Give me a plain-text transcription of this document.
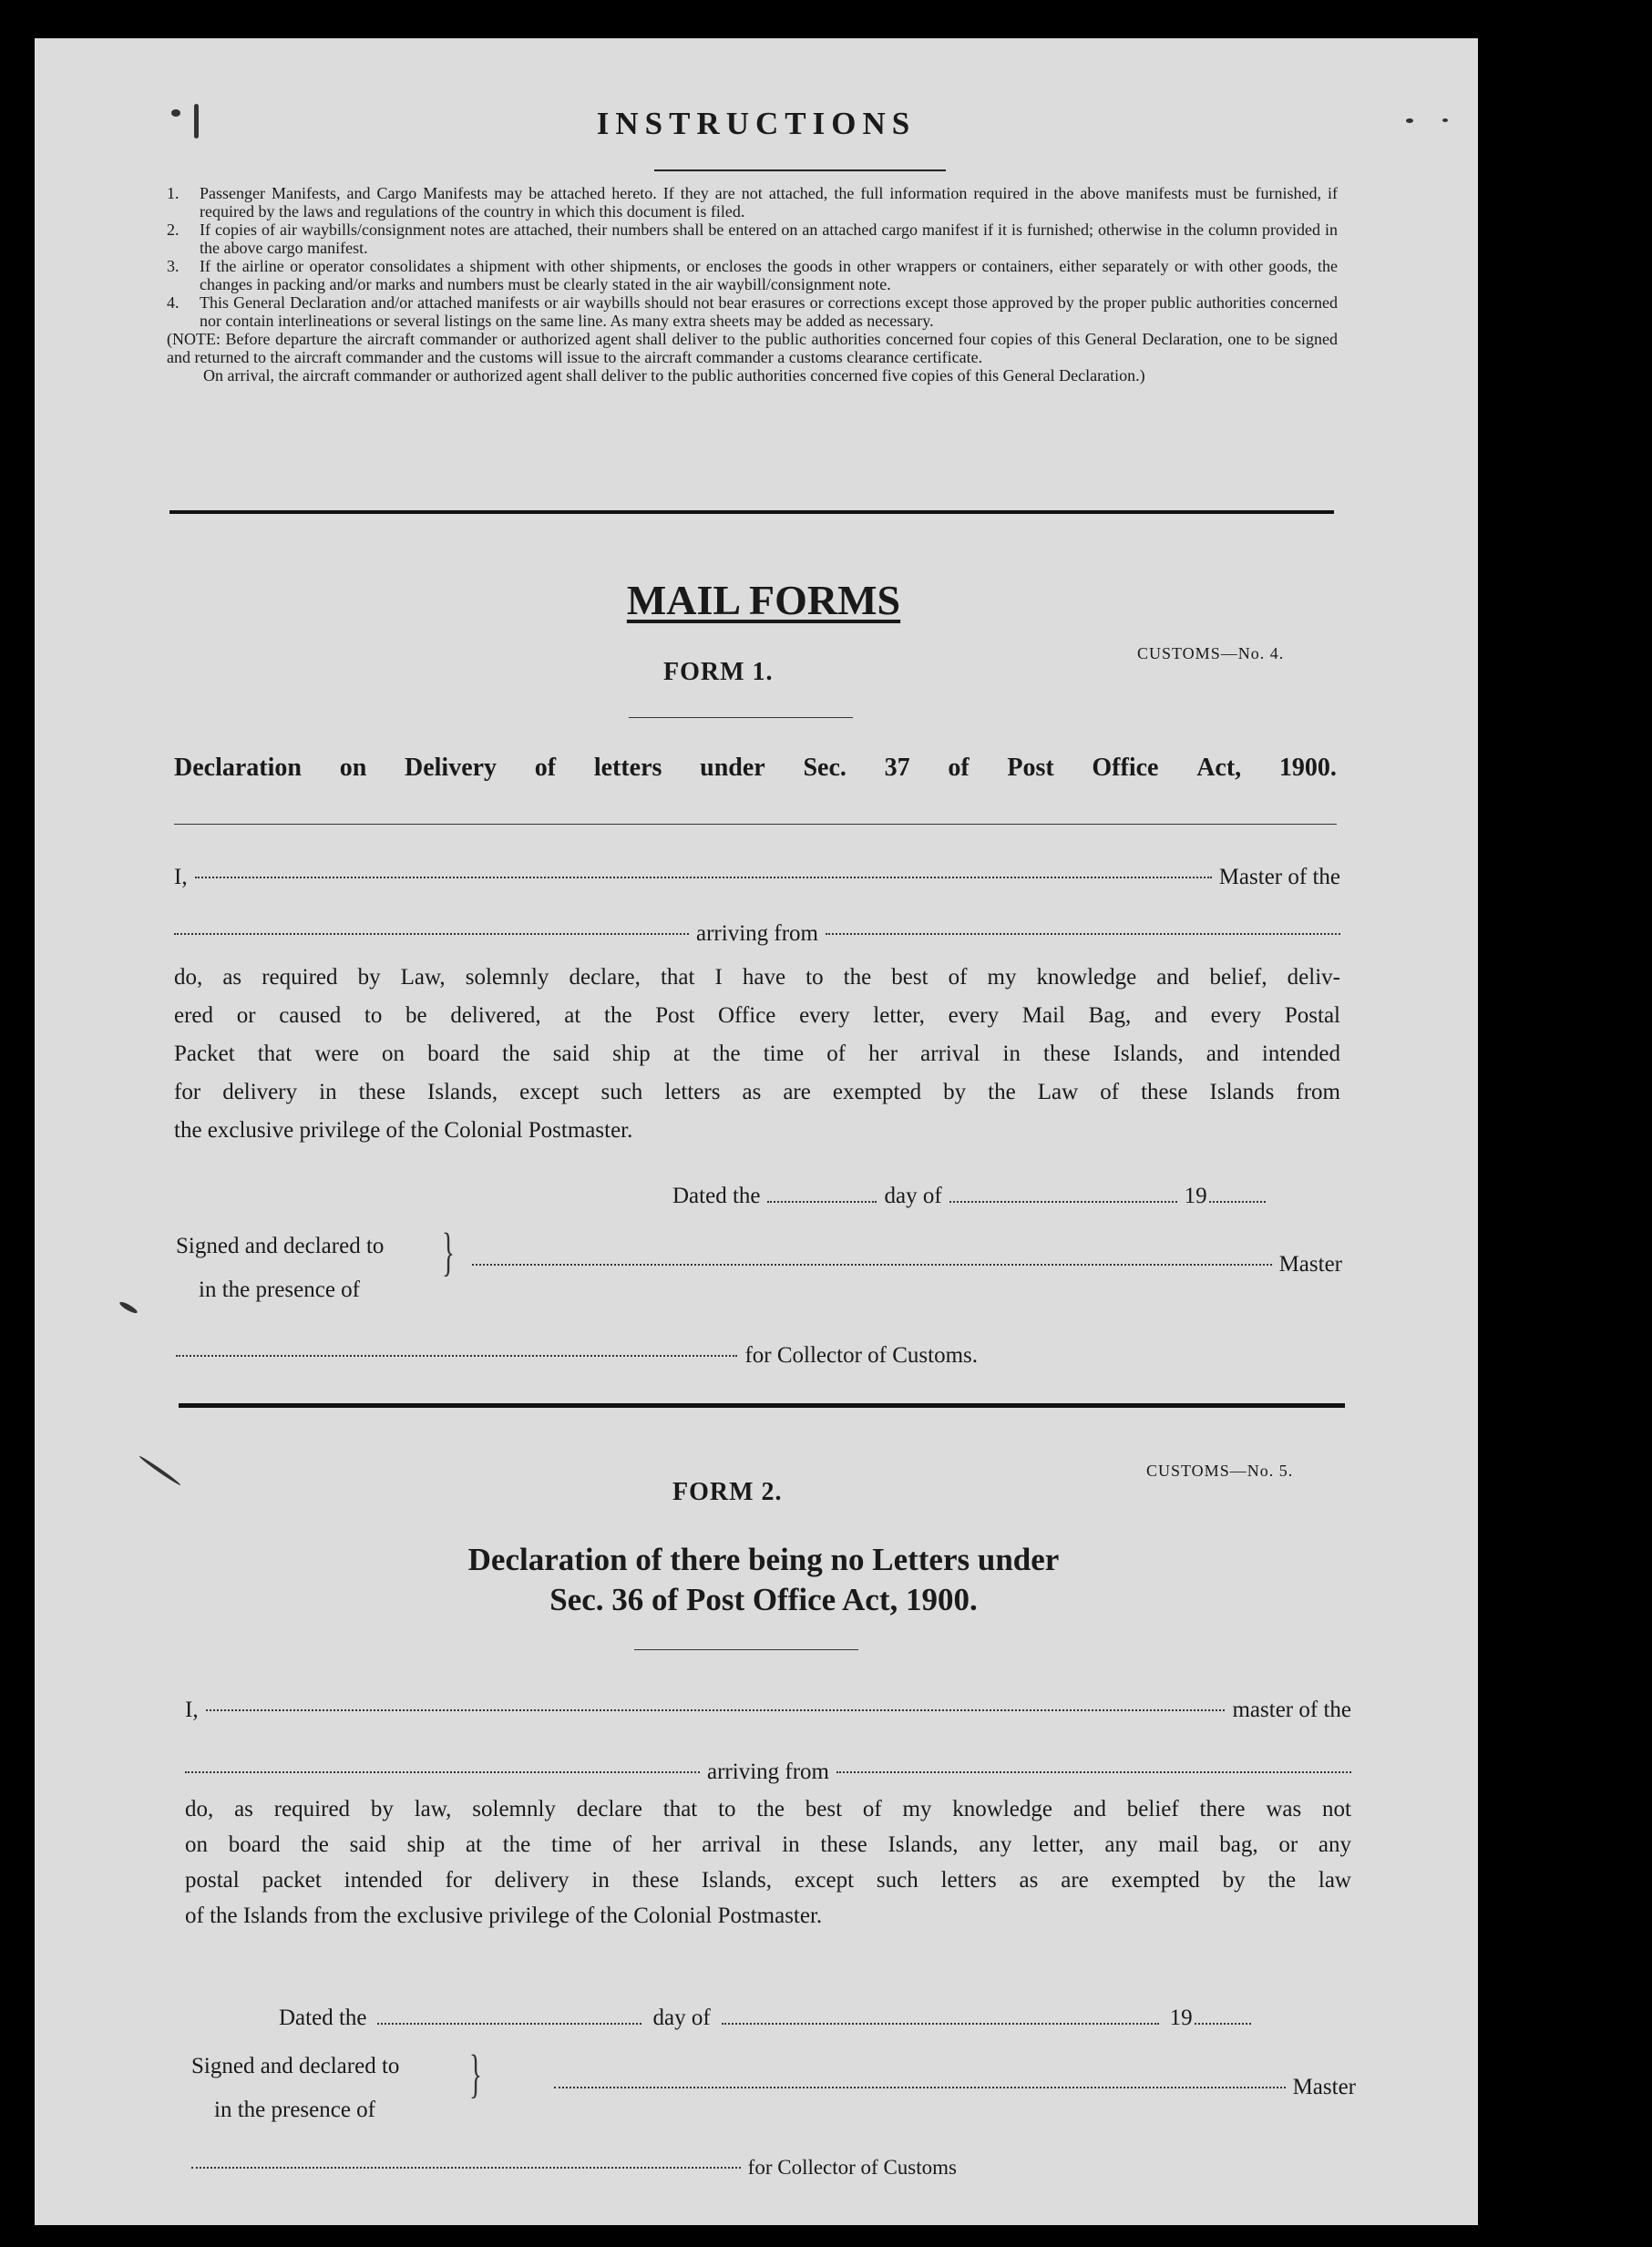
INSTRUCTIONS
1.	Passenger Manifests, and Cargo Manifests may be attached hereto. If they are not attached, the full information required in the above manifests must be furnished, if required by the laws and regulations of the country in which this document is filed.
2.	If copies of air waybills/consignment notes are attached, their numbers shall be entered on an attached cargo manifest if it is furnished; otherwise in the column provided in the above cargo manifest.
3.	If the airline or operator consolidates a shipment with other shipments, or encloses the goods in other wrappers or containers, either separately or with other goods, the changes in packing and/or marks and numbers must be clearly stated in the air waybill/consignment note.
4.	This General Declaration and/or attached manifests or air waybills should not bear erasures or corrections except those approved by the proper public authorities concerned nor contain interlineations or several listings on the same line. As many extra sheets may be added as necessary.
(NOTE: Before departure the aircraft commander or authorized agent shall deliver to the public authorities concerned four copies of this General Declaration, one to be signed and returned to the aircraft commander and the customs will issue to the aircraft commander a customs clearance certificate.
On arrival, the aircraft commander or authorized agent shall deliver to the public authorities concerned five copies of this General Declaration.)
MAIL FORMS
CUSTOMS—No. 4.
FORM 1.
Declaration on Delivery of letters under Sec. 37 of Post Office Act, 1900.
I,	Master of the
arriving from
do, as required by Law, solemnly declare, that I have to the best of my knowledge and belief, deliv-
ered or caused to be delivered, at the Post Office every letter, every Mail Bag, and every Postal
Packet that were on board the said ship at the time of her arrival in these Islands, and intended
for delivery in these Islands, except such letters as are exempted by the Law of these Islands from
the exclusive privilege of the Colonial Postmaster.
Dated the	day of	19
Signed and declared to
in the presence of
}	Master
for Collector of Customs.
CUSTOMS—No. 5.
FORM 2.
Declaration of there being no Letters under
Sec. 36 of Post Office Act, 1900.
I,	master of the
arriving from
do, as required by law, solemnly declare that to the best of my knowledge and belief there was not
on board the said ship at the time of her arrival in these Islands, any letter, any mail bag, or any
postal packet intended for delivery in these Islands, except such letters as are exempted by the law
of the Islands from the exclusive privilege of the Colonial Postmaster.
Dated the	day of	19
Signed and declared to
in the presence of
}	Master
for Collector of Customs
